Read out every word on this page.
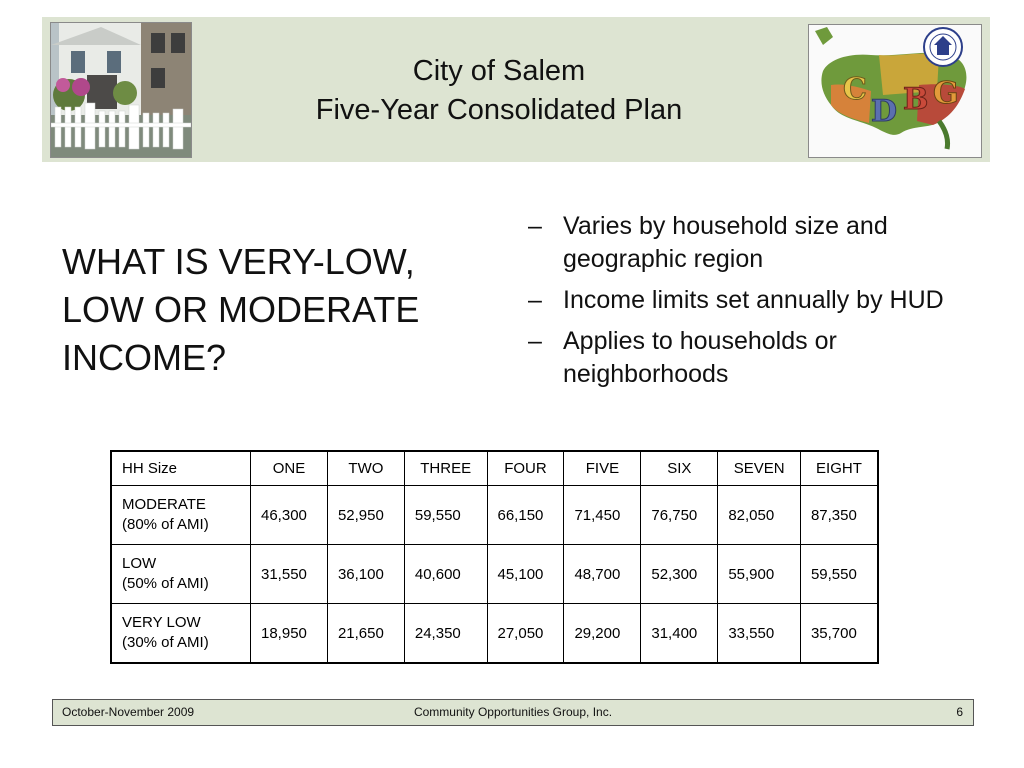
C
D B G
City of Salem
Five-Year Consolidated Plan
WHAT IS VERY-LOW, LOW OR MODERATE INCOME?
– Varies by household size and geographic region
– Income limits set annually by HUD
– Applies to households or neighborhoods
HH Size	ONE	TWO	THREE	FOUR	FIVE	SIX	SEVEN	EIGHT

MODERATE
(80% of AMI)	46,300	52,950	59,550	66,150	71,450	76,750	82,050	87,350

LOW
(50% of AMI)	31,550	36,100	40,600	45,100	48,700	52,300	55,900	59,550

VERY LOW
(30% of AMI)	18,950	21,650	24,350	27,050	29,200	31,400	33,550	35,700
October-November 2009	Community Opportunities Group, Inc.	6
